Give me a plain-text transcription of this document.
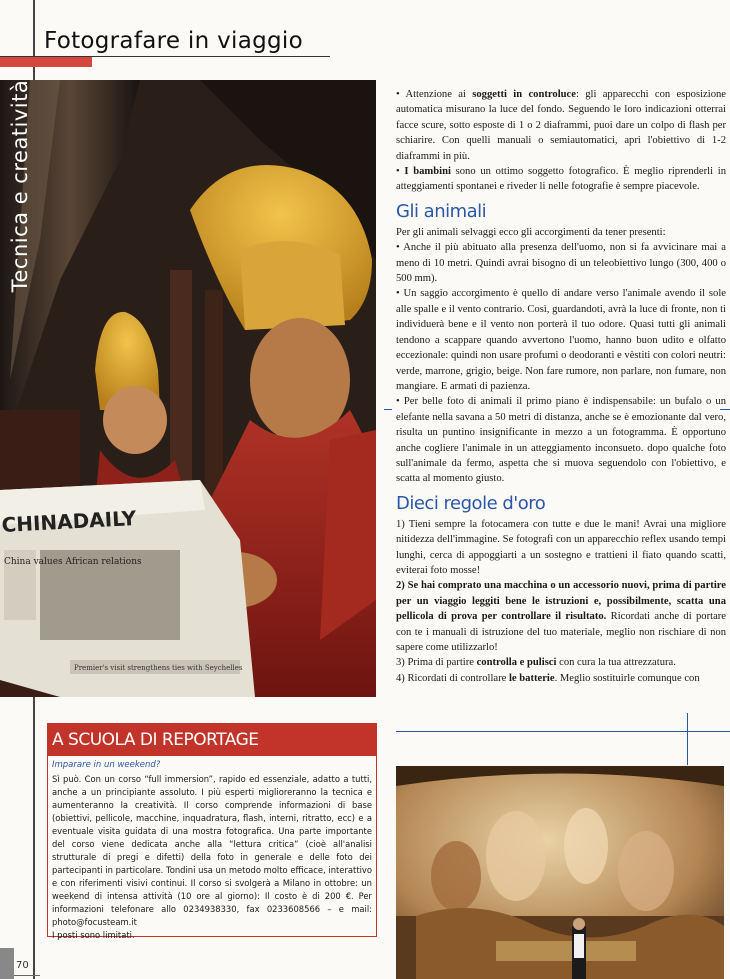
Fotografare in viaggio
CHINADAILY
China values African relations
Premier's visit strengthens ties with Seychelles
Tecnica e creatività	• Attenzione ai soggetti in controluce: gli apparecchi con esposizione automatica misurano la luce del fondo. Seguendo le loro indicazioni otterrai facce scure, sotto esposte di 1 o 2 diaframmi, puoi dare un colpo di flash per schiarire. Con quelli manuali o semiautomatici, apri l'obiettivo di 1-2 diaframmi in più.

• I bambini sono un ottimo soggetto fotografico. È meglio riprenderli in atteggiamenti spontanei e riveder li nelle fotografie è sempre piacevole.

Gli animali

Per gli animali selvaggi ecco gli accorgimenti da tener presenti:

• Anche il più abituato alla presenza dell'uomo, non si fa avvicinare mai a meno di 10 metri. Quindi avrai bisogno di un teleobiettivo lungo (300, 400 o 500 mm).

• Un saggio accorgimento è quello di andare verso l'animale avendo il sole alle spalle e il vento contrario. Così, guardandoti, avrà la luce di fronte, non ti individuerà bene e il vento non porterà il tuo odore. Quasi tutti gli animali tendono a scappare quando avvertono l'uomo, hanno buon udito e olfatto eccezionale: quindi non usare profumi o deodoranti e vèstiti con colori neutri: verde, marrone, grigio, beige. Non fare rumore, non parlare, non fumare, non mangiare. E armati di pazienza.

• Per belle foto di animali il primo piano è indispensabile: un bufalo o un elefante nella savana a 50 metri di distanza, anche se è emozionante dal vero, risulta un puntino insignificante in mezzo a un fotogramma. È opportuno anche cogliere l'animale in un atteggiamento inconsueto. dopo qualche foto sull'animale da fermo, aspetta che si muova seguendolo con l'obiettivo, e scatta al momento giusto.

Dieci regole d'oro

1) Tieni sempre la fotocamera con tutte e due le mani! Avrai una migliore nitidezza dell'immagine. Se fotografi con un apparecchio reflex usando tempi lunghi, cerca di appoggiarti a un sostegno e trattieni il fiato quando scatti, eviterai foto mosse!

2) Se hai comprato una macchina o un accessorio nuovi, prima di partire per un viaggio leggiti bene le istruzioni e, possibilmente, scatta una pellicola di prova per controllare il risultato. Ricordati anche di portare con te i manuali di istruzione del tuo materiale, meglio non rischiare di non sapere come utilizzarlo!

3) Prima di partire controlla e pulisci con cura la tua attrezzatura.

4) Ricordati di controllare le batterie. Meglio sostituirle comunque con

A SCUOLA DI REPORTAGE
Imparare in un weekend?
Sì può. Con un corso “full immersion”, rapido ed essenziale, adatto a tutti, anche a un principiante assoluto. I più esperti miglioreranno la tecnica e aumenteranno la creatività. Il corso comprende informazioni di base (obiettivi, pellicole, macchine, inquadratura, flash, interni, ritratto, ecc) e a eventuale visita guidata di una mostra fotografica. Una parte importante del corso viene dedicata anche alla “lettura critica” (cioè all'analisi strutturale di pregi e difetti) della foto in generale e delle foto dei partecipanti in particolare. Tondini usa un metodo molto efficace, interattivo e con riferimenti visivi continui. Il corso si svolgerà a Milano in ottobre: un weekend di intensa attività (10 ore al giorno): Il costo è di 200 €. Per informazioni telefonare allo 0234938330, fax 0233608566 – e mail: photo@focusteam.it
I posti sono limitati.
70
